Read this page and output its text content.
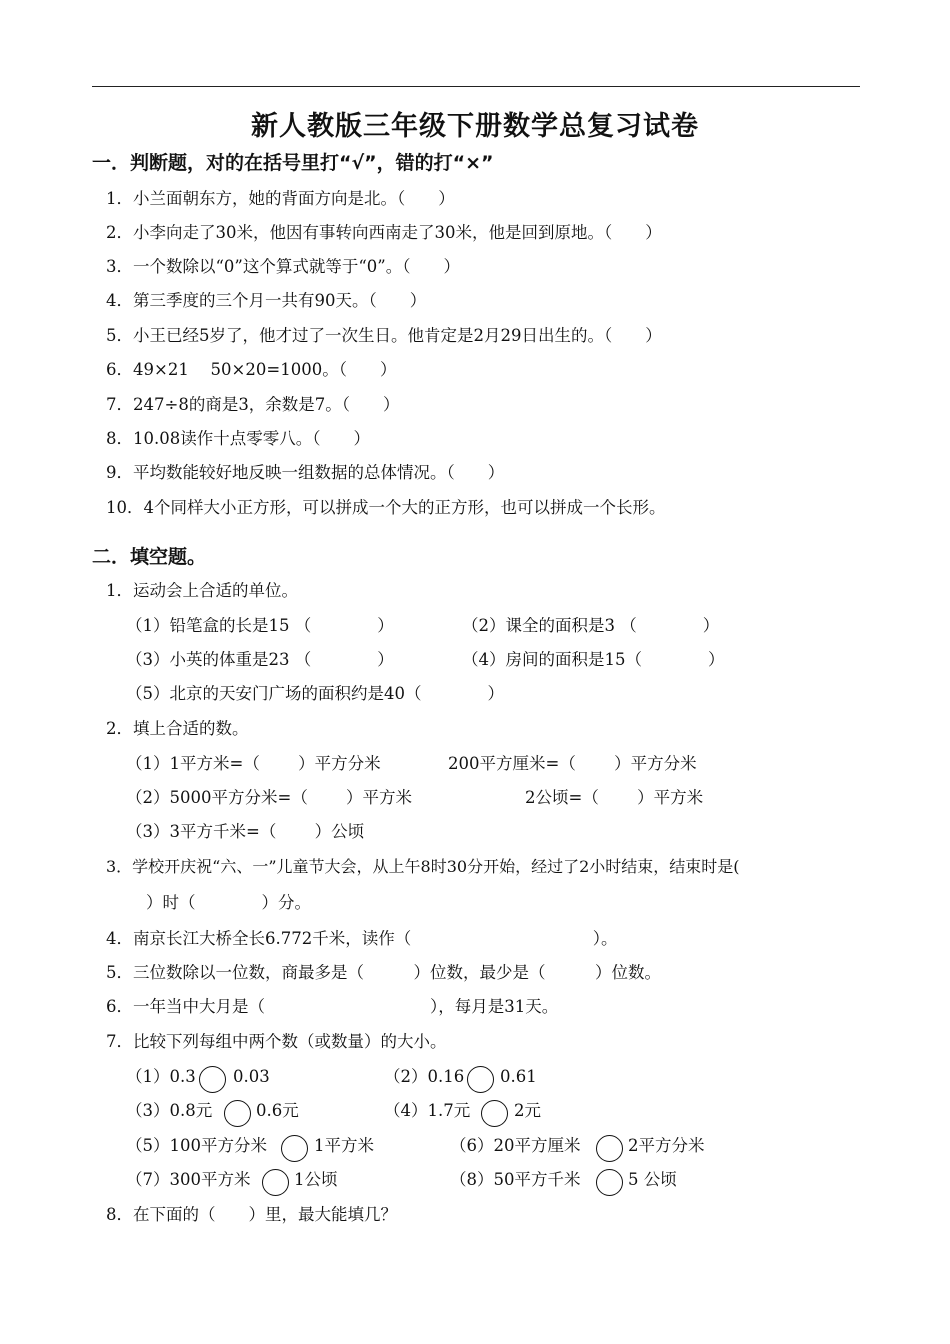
新人教版三年级下册数学总复习试卷
一．判断题，对的在括号里打“√”，错的打“×”
1．小兰面朝东方，她的背面方向是北。（　　）
2．小李向走了30米，他因有事转向西南走了30米，他是回到原地。（　　）
3．一个数除以“0”这个算式就等于“0”。（　　）
4．第三季度的三个月一共有90天。（　　）
5．小王已经5岁了，他才过了一次生日。他肯定是2月29日出生的。（　　）
6．49×21　 50×20=1000。（　　）
7．247÷8的商是3，余数是7。（　　）
8．10.08读作十点零零八。（　　）
9．平均数能较好地反映一组数据的总体情况。（　　）
10．4个同样大小正方形，可以拼成一个大的正方形，也可以拼成一个长形。
二．填空题。
1．运动会上合适的单位。
（1）铅笔盒的长是15 （　　　　）	（2）课全的面积是3 （　　　　）
（3）小英的体重是23 （　　　　）	（4）房间的面积是15（　　　　）
（5）北京的天安门广场的面积约是40（　　　　）
2．填上合适的数。
（1）1平方米=（　　 ）平方分米	200平方厘米=（　　 ）平方分米
（2）5000平方分米=（　　 ）平方米	2公顷=（　　 ）平方米
（3）3平方千米=（　　 ）公顷
3．学校开庆祝“六、一”儿童节大会，从上午8时30分开始，经过了2小时结束，结束时是(
）时（　　　　）分。
4．南京长江大桥全长6.772千米，读作（　　　　　　　　　　　）。
5．三位数除以一位数，商最多是（　　　）位数，最少是（　　　）位数。
6．一年当中大月是（　　　　　　　　　　），每月是31天。
7．比较下列每组中两个数（或数量）的大小。
（1）0.3 0.03	（2）0.16 0.61
（3）0.8元	0.6元	（4）1.7元	2元
（5）100平方分米	1平方米	（6）20平方厘米	2平方分米
（7）300平方米	1公顷	（8）50平方千米	5 公顷
8．在下面的（　　）里，最大能填几？
